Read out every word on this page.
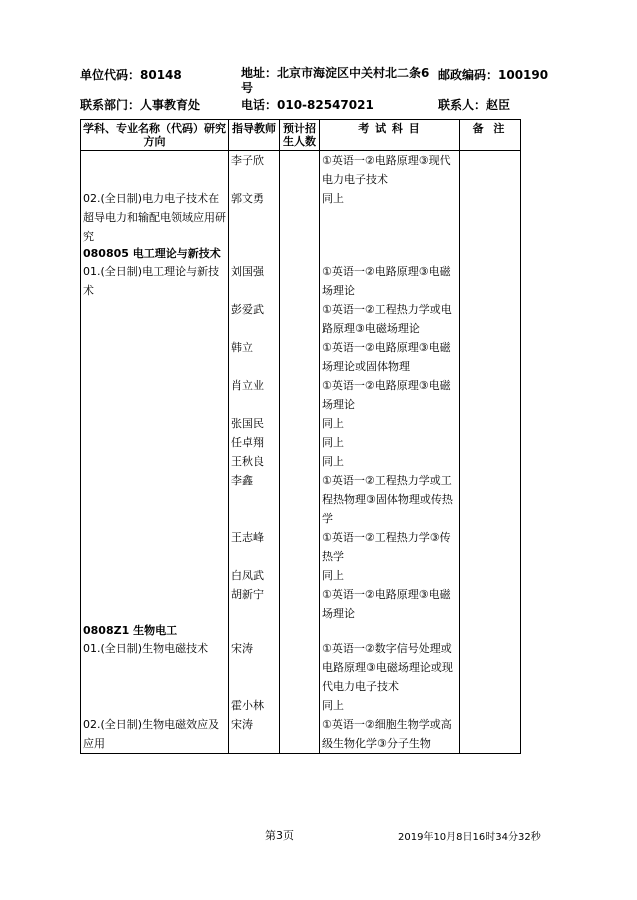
单位代码：80148	地址：北京市海淀区中关村北二条6号
邮政编码：100190
联系部门：人事教育处	电话：010-82547021	联系人：赵臣
学科、专业名称（代码）研究方向	指导教师	预计招生人数	考 试 科 目	备 注
	李子欣		①英语一②电路原理③现代电力电子技术	
02.(全日制)电力电子技术在超导电力和输配电领域应用研究	郭文勇		同上	
080805 电工理论与新技术				
01.(全日制)电工理论与新技术	刘国强		①英语一②电路原理③电磁场理论	
	彭爱武		①英语一②工程热力学或电路原理③电磁场理论	
	韩立		①英语一②电路原理③电磁场理论或固体物理	
	肖立业		①英语一②电路原理③电磁场理论	
	张国民		同上	
	任卓翔		同上	
	王秋良		同上	
	李鑫		①英语一②工程热力学或工程热物理③固体物理或传热学	
	王志峰		①英语一②工程热力学③传热学	
	白凤武		同上	
	胡新宁		①英语一②电路原理③电磁场理论	
0808Z1 生物电工				
01.(全日制)生物电磁技术	宋涛		①英语一②数字信号处理或电路原理③电磁场理论或现代电力电子技术	
	霍小林		同上	
02.(全日制)生物电磁效应及应用	宋涛		①英语一②细胞生物学或高级生物化学③分子生物	
第3页	2019年10月8日16时34分32秒
